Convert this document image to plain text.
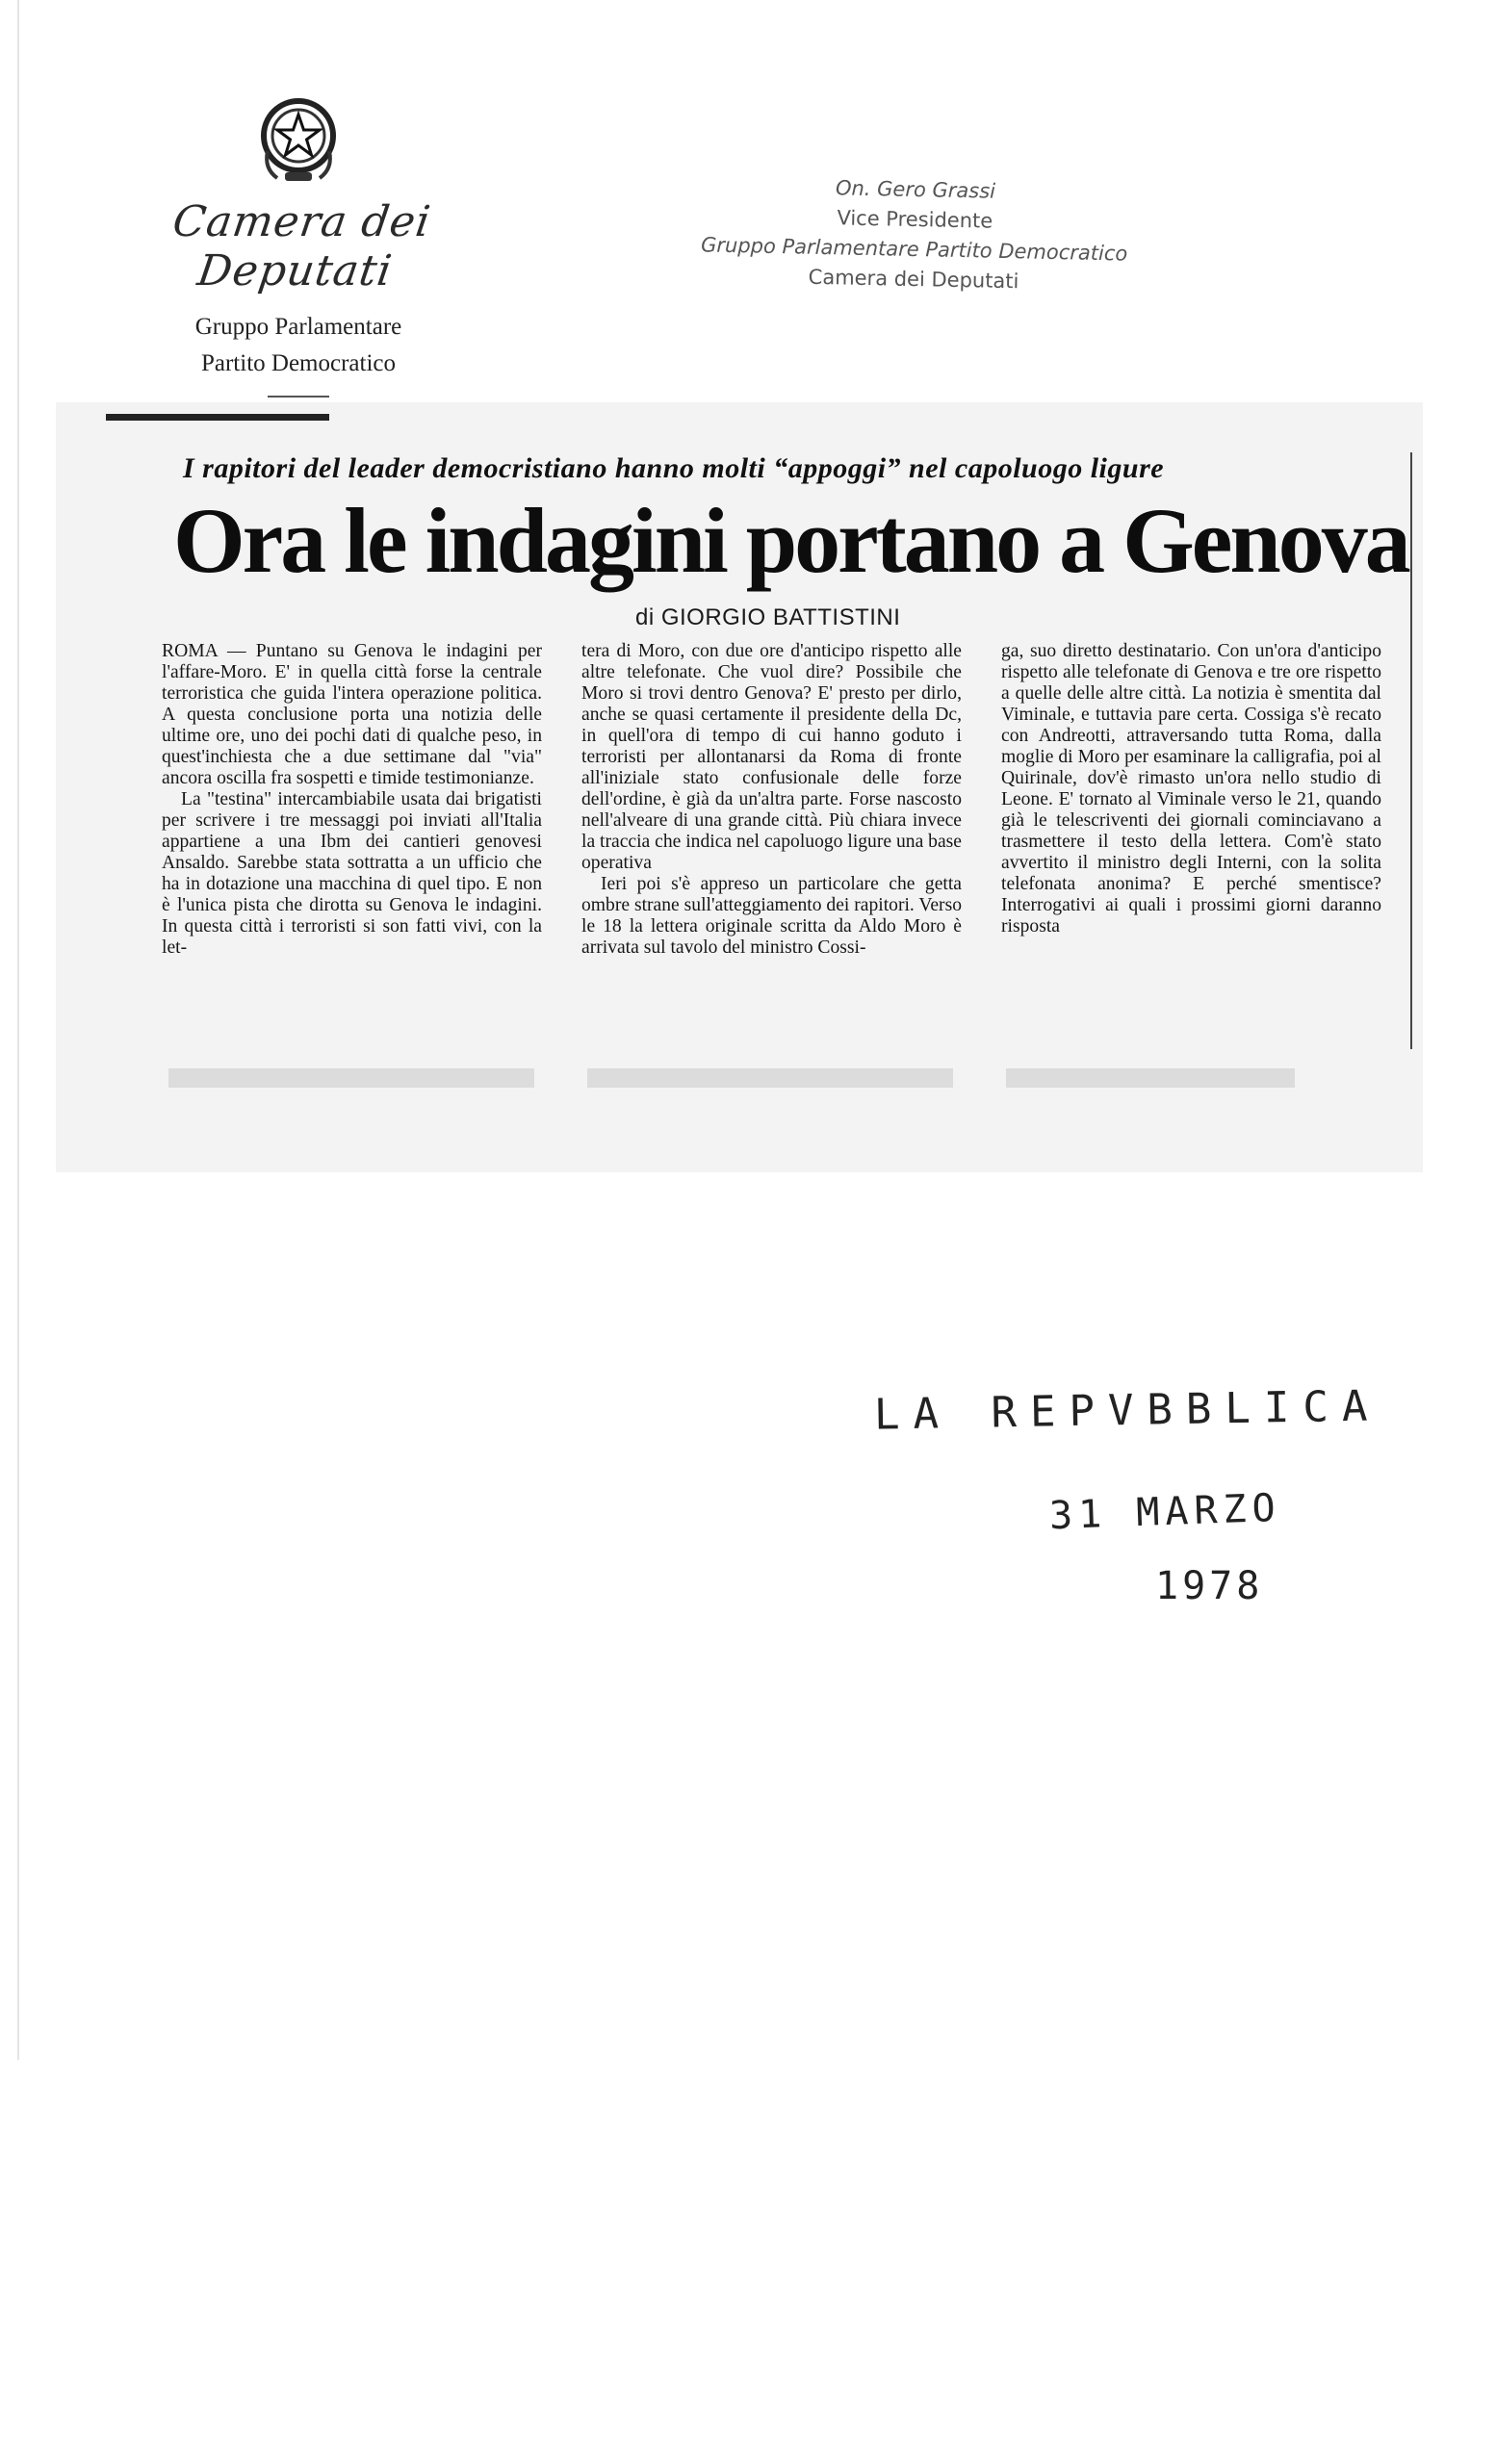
Camera dei Deputati
Gruppo Parlamentare
Partito Democratico
On. Gero Grassi
Vice Presidente
Gruppo Parlamentare Partito Democratico
Camera dei Deputati
I rapitori del leader democristiano hanno molti “appoggi” nel capoluogo ligure
Ora le indagini portano a Genova
di GIORGIO BATTISTINI

ROMA — Puntano su Genova le indagini per l'affare-Moro. E' in quella città forse la centrale terroristica che guida l'intera operazione politica. A questa conclusione porta una notizia delle ultime ore, uno dei pochi dati di qualche peso, in quest'inchiesta che a due settimane dal "via" ancora oscilla fra sospetti e timide testimonianze.

La "testina" intercambiabile usata dai brigatisti per scrivere i tre messaggi poi inviati all'Italia appartiene a una Ibm dei cantieri genovesi Ansaldo. Sarebbe stata sottratta a un ufficio che ha in dotazione una macchina di quel tipo. E non è l'unica pista che dirotta su Genova le indagini. In questa città i terroristi si son fatti vivi, con la let-

tera di Moro, con due ore d'anticipo rispetto alle altre telefonate. Che vuol dire? Possibile che Moro si trovi dentro Genova? E' presto per dirlo, anche se quasi certamente il presidente della Dc, in quell'ora di tempo di cui hanno goduto i terroristi per allontanarsi da Roma di fronte all'iniziale stato confusionale delle forze dell'ordine, è già da un'altra parte. Forse nascosto nell'alveare di una grande città. Più chiara invece la traccia che indica nel capoluogo ligure una base operativa

Ieri poi s'è appreso un particolare che getta ombre strane sull'atteggiamento dei rapitori. Verso le 18 la lettera originale scritta da Aldo Moro è arrivata sul tavolo del ministro Cossi-

ga, suo diretto destinatario. Con un'ora d'anticipo rispetto alle telefonate di Genova e tre ore rispetto a quelle delle altre città. La notizia è smentita dal Viminale, e tuttavia pare certa. Cossiga s'è recato con Andreotti, attraversando tutta Roma, dalla moglie di Moro per esaminare la calligrafia, poi al Quirinale, dov'è rimasto un'ora nello studio di Leone. E' tornato al Viminale verso le 21, quando già le telescriventi dei giornali cominciavano a trasmettere il testo della lettera. Com'è stato avvertito il ministro degli Interni, con la solita telefonata anonima? E perché smentisce? Interrogativi ai quali i prossimi giorni daranno risposta

LA REPVBBLICA
31 MARZO
1978
